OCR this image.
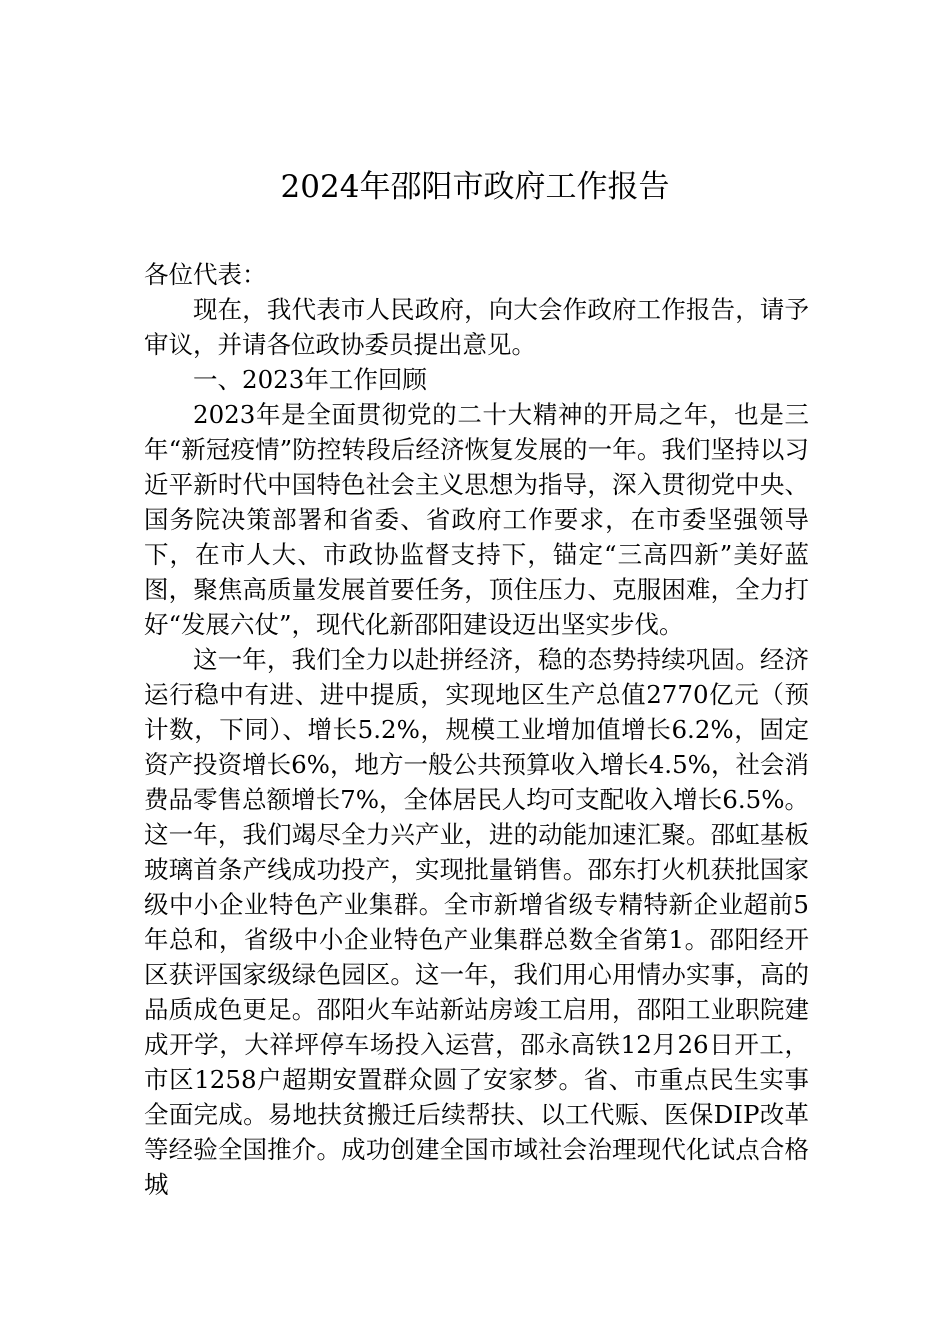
2024年邵阳市政府工作报告

各位代表：

现在，我代表市人民政府，向大会作政府工作报告，请予审议，并请各位政协委员提出意见。

一、2023年工作回顾

2023年是全面贯彻党的二十大精神的开局之年，也是三年“新冠疫情”防控转段后经济恢复发展的一年。我们坚持以习近平新时代中国特色社会主义思想为指导，深入贯彻党中央、国务院决策部署和省委、省政府工作要求，在市委坚强领导下，在市人大、市政协监督支持下，锚定“三高四新”美好蓝图，聚焦高质量发展首要任务，顶住压力、克服困难，全力打好“发展六仗”，现代化新邵阳建设迈出坚实步伐。

这一年，我们全力以赴拼经济，稳的态势持续巩固。经济运行稳中有进、进中提质，实现地区生产总值2770亿元（预计数，下同）、增长5.2%，规模工业增加值增长6.2%，固定资产投资增长6%，地方一般公共预算收入增长4.5%，社会消费品零售总额增长7%，全体居民人均可支配收入增长6.5%。这一年，我们竭尽全力兴产业，进的动能加速汇聚。邵虹基板玻璃首条产线成功投产，实现批量销售。邵东打火机获批国家级中小企业特色产业集群。全市新增省级专精特新企业超前5年总和，省级中小企业特色产业集群总数全省第1。邵阳经开区获评国家级绿色园区。这一年，我们用心用情办实事，高的品质成色更足。邵阳火车站新站房竣工启用，邵阳工业职院建成开学，大祥坪停车场投入运营，邵永高铁12月26日开工，市区1258户超期安置群众圆了安家梦。省、市重点民生实事全面完成。易地扶贫搬迁后续帮扶、以工代赈、医保DIP改革等经验全国推介。成功创建全国市域社会治理现代化试点合格城
